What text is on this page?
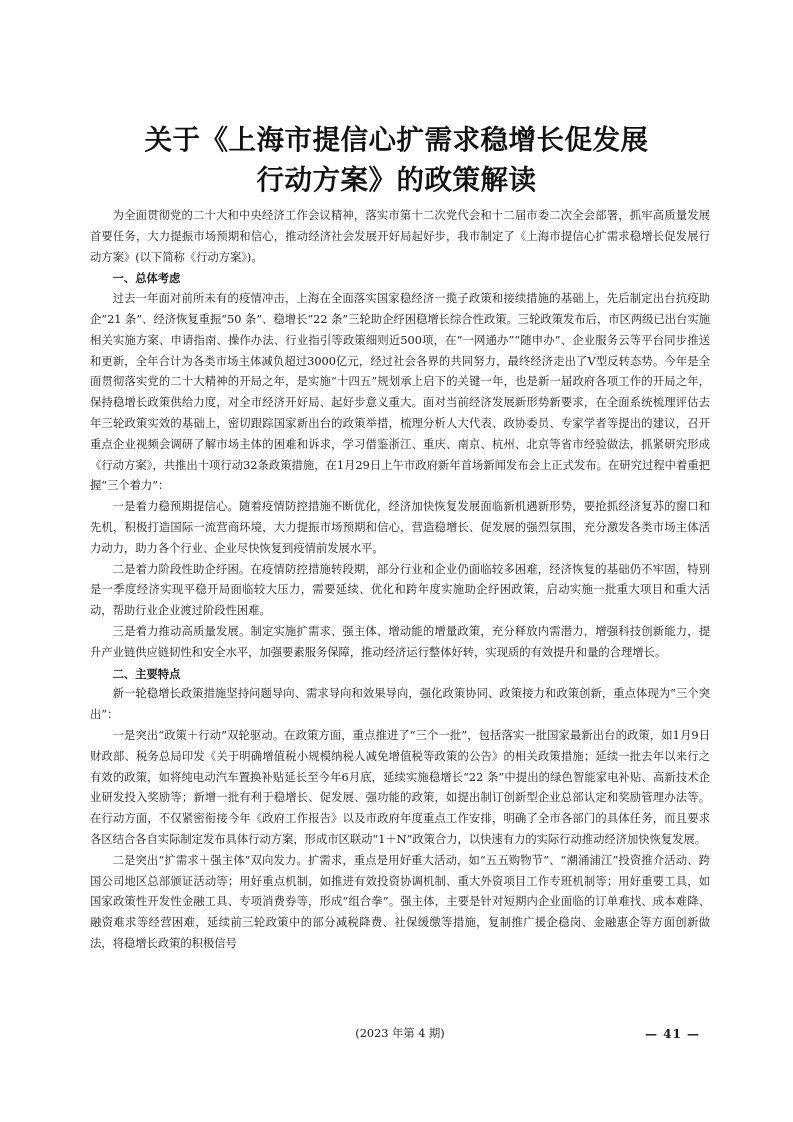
关于《上海市提信心扩需求稳增长促发展
行动方案》的政策解读

为全面贯彻党的二十大和中央经济工作会议精神，落实市第十二次党代会和十二届市委二次全会部署，抓牢高质量发展首要任务，大力提振市场预期和信心，推动经济社会发展开好局起好步，我市制定了《上海市提信心扩需求稳增长促发展行动方案》(以下简称《行动方案》)。

一、总体考虑

过去一年面对前所未有的疫情冲击，上海在全面落实国家稳经济一揽子政策和接续措施的基础上，先后制定出台抗疫助企“21 条”、经济恢复重振“50 条”、稳增长“22 条”三轮助企纾困稳增长综合性政策。三轮政策发布后，市区两级已出台实施相关实施方案、申请指南、操作办法、行业指引等政策细则近500项，在“一网通办”“随申办”、企业服务云等平台同步推送和更新，全年合计为各类市场主体减负超过3000亿元，经过社会各界的共同努力，最终经济走出了V型反转态势。今年是全面贯彻落实党的二十大精神的开局之年，是实施“十四五”规划承上启下的关键一年，也是新一届政府各项工作的开局之年，保持稳增长政策供给力度，对全市经济开好局、起好步意义重大。面对当前经济发展新形势新要求，在全面系统梳理评估去年三轮政策实效的基础上，密切跟踪国家新出台的政策举措，梳理分析人大代表、政协委员、专家学者等提出的建议，召开重点企业视频会调研了解市场主体的困难和诉求，学习借鉴浙江、重庆、南京、杭州、北京等省市经验做法，抓紧研究形成《行动方案》，共推出十项行动32条政策措施，在1月29日上午市政府新年首场新闻发布会上正式发布。在研究过程中着重把握“三个着力”：

一是着力稳预期提信心。随着疫情防控措施不断优化，经济加快恢复发展面临新机遇新形势，要抢抓经济复苏的窗口和先机，积极打造国际一流营商环境，大力提振市场预期和信心，营造稳增长、促发展的强烈氛围，充分激发各类市场主体活力动力，助力各个行业、企业尽快恢复到疫情前发展水平。

二是着力阶段性助企纾困。在疫情防控措施转段期，部分行业和企业仍面临较多困难，经济恢复的基础仍不牢固，特别是一季度经济实现平稳开局面临较大压力，需要延续、优化和跨年度实施助企纾困政策，启动实施一批重大项目和重大活动，帮助行业企业渡过阶段性困难。

三是着力推动高质量发展。制定实施扩需求、强主体、增动能的增量政策，充分释放内需潜力，增强科技创新能力，提升产业链供应链韧性和安全水平，加强要素服务保障，推动经济运行整体好转，实现质的有效提升和量的合理增长。

二、主要特点

新一轮稳增长政策措施坚持问题导向、需求导向和效果导向，强化政策协同、政策接力和政策创新，重点体现为“三个突出”：

一是突出“政策＋行动”双轮驱动。在政策方面，重点推进了“三个一批”，包括落实一批国家最新出台的政策，如1月9日财政部、税务总局印发《关于明确增值税小规模纳税人减免增值税等政策的公告》的相关政策措施；延续一批去年以来行之有效的政策，如将纯电动汽车置换补贴延长至今年6月底，延续实施稳增长“22 条”中提出的绿色智能家电补贴、高新技术企业研发投入奖励等；新增一批有利于稳增长、促发展、强功能的政策，如提出制订创新型企业总部认定和奖励管理办法等。在行动方面，不仅紧密衔接今年《政府工作报告》以及市政府年度重点工作安排，明确了全市各部门的具体任务，而且要求各区结合各自实际制定发布具体行动方案，形成市区联动“1＋N”政策合力，以快速有力的实际行动推动经济加快恢复发展。

二是突出“扩需求＋强主体”双向发力。扩需求，重点是用好重大活动，如“五五购物节”、“潮涌浦江”投资推介活动、跨国公司地区总部颁证活动等；用好重点机制，如推进有效投资协调机制、重大外资项目工作专班机制等；用好重要工具，如国家政策性开发性金融工具、专项消费券等，形成“组合拳”。强主体，主要是针对短期内企业面临的订单难找、成本难降、融资难求等经营困难，延续前三轮政策中的部分减税降费、社保缓缴等措施，复制推广援企稳岗、金融惠企等方面创新做法，将稳增长政策的积极信号

(2023 年第 4 期)	— 41 —
